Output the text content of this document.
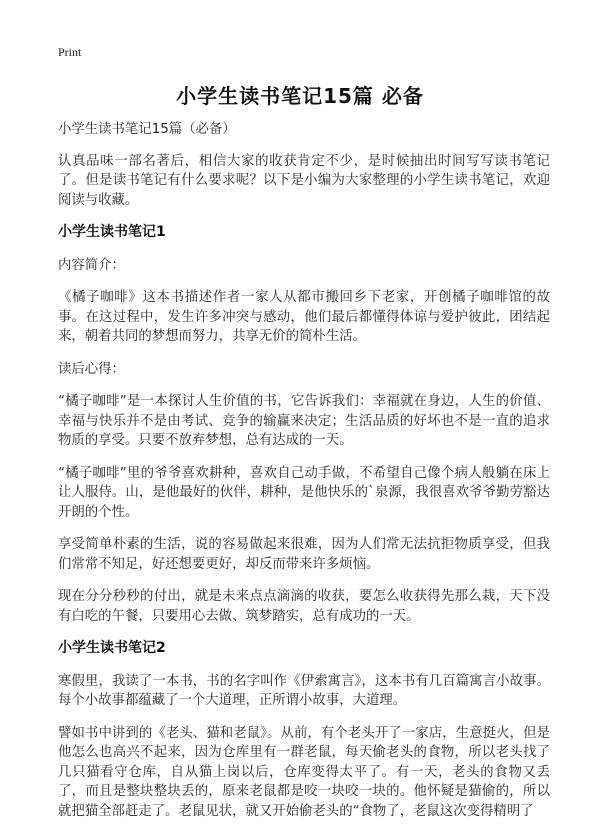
Print
小学生读书笔记15篇 必备

小学生读书笔记15篇（必备）

认真品味一部名著后，相信大家的收获肯定不少，是时候抽出时间写写读书笔记了。但是读书笔记有什么要求呢？以下是小编为大家整理的小学生读书笔记，欢迎阅读与收藏。

小学生读书笔记1

内容简介：

《橘子咖啡》这本书描述作者一家人从都市搬回乡下老家，开创橘子咖啡馆的故事。在这过程中，发生许多冲突与感动，他们最后都懂得体谅与爱护彼此，团结起来，朝着共同的梦想而努力，共享无价的简朴生活。

读后心得：

“橘子咖啡”是一本探讨人生价值的书，它告诉我们：幸福就在身边，人生的价值、幸福与快乐并不是由考试、竞争的输赢来决定；生活品质的好坏也不是一直的追求物质的享受。只要不放弃梦想，总有达成的一天。

“橘子咖啡”里的爷爷喜欢耕种，喜欢自己动手做，不希望自己像个病人般躺在床上让人服侍。山，是他最好的伙伴，耕种，是他快乐的`泉源，我很喜欢爷爷勤劳豁达开朗的个性。

享受简单朴素的生活，说的容易做起来很难，因为人们常无法抗拒物质享受，但我们常常不知足，好还想要更好，却反而带来许多烦恼。

现在分分秒秒的付出，就是未来点点滴滴的收获，要怎么收获得先那么栽，天下没有白吃的午餐，只要用心去做、筑梦踏实，总有成功的一天。

小学生读书笔记2

寒假里，我读了一本书，书的名字叫作《伊索寓言》，这本书有几百篇寓言小故事。每个小故事都蕴藏了一个大道理，正所谓小故事，大道理。

譬如书中讲到的《老头、猫和老鼠》。从前，有个老头开了一家店，生意挺火，但是他怎么也高兴不起来，因为仓库里有一群老鼠，每天偷老头的食物，所以老头找了几只猫看守仓库，自从猫上岗以后，仓库变得太平了。有一天，老头的食物又丢了，而且是整块整块丢的，原来老鼠都是咬一块咬一块的。他怀疑是猫偷的，所以就把猫全部赶走了。老鼠见状，就又开始偷老头的“食物了，老鼠这次变得精明了
